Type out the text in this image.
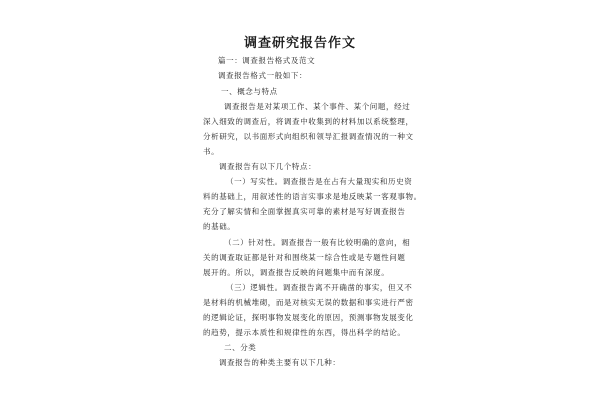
调查研究报告作文
篇一：调查报告格式及范文
调查报告格式一般如下：
一、概念与特点
调查报告是对某项工作、某个事件、某个问题，经过
深入细致的调查后，将调查中收集到的材料加以系统整理，
分析研究，以书面形式向组织和领导汇报调查情况的一种文
书。
调查报告有以下几个特点：
（一）写实性。调查报告是在占有大量现实和历史资
料的基础上，用叙述性的语言实事求是地反映某一客观事物。
充分了解实情和全面掌握真实可靠的素材是写好调查报告
的基础。
（二）针对性。调查报告一般有比较明确的意向，相
关的调查取证都是针对和围绕某一综合性或是专题性问题
展开的。所以，调查报告反映的问题集中而有深度。
（三）逻辑性。调查报告离不开确凿的事实，但又不
是材料的机械堆砌，而是对核实无误的数据和事实进行严密
的逻辑论证，探明事物发展变化的原因，预测事物发展变化
的趋势，提示本质性和规律性的东西，得出科学的结论。
二、分类
调查报告的种类主要有以下几种：
